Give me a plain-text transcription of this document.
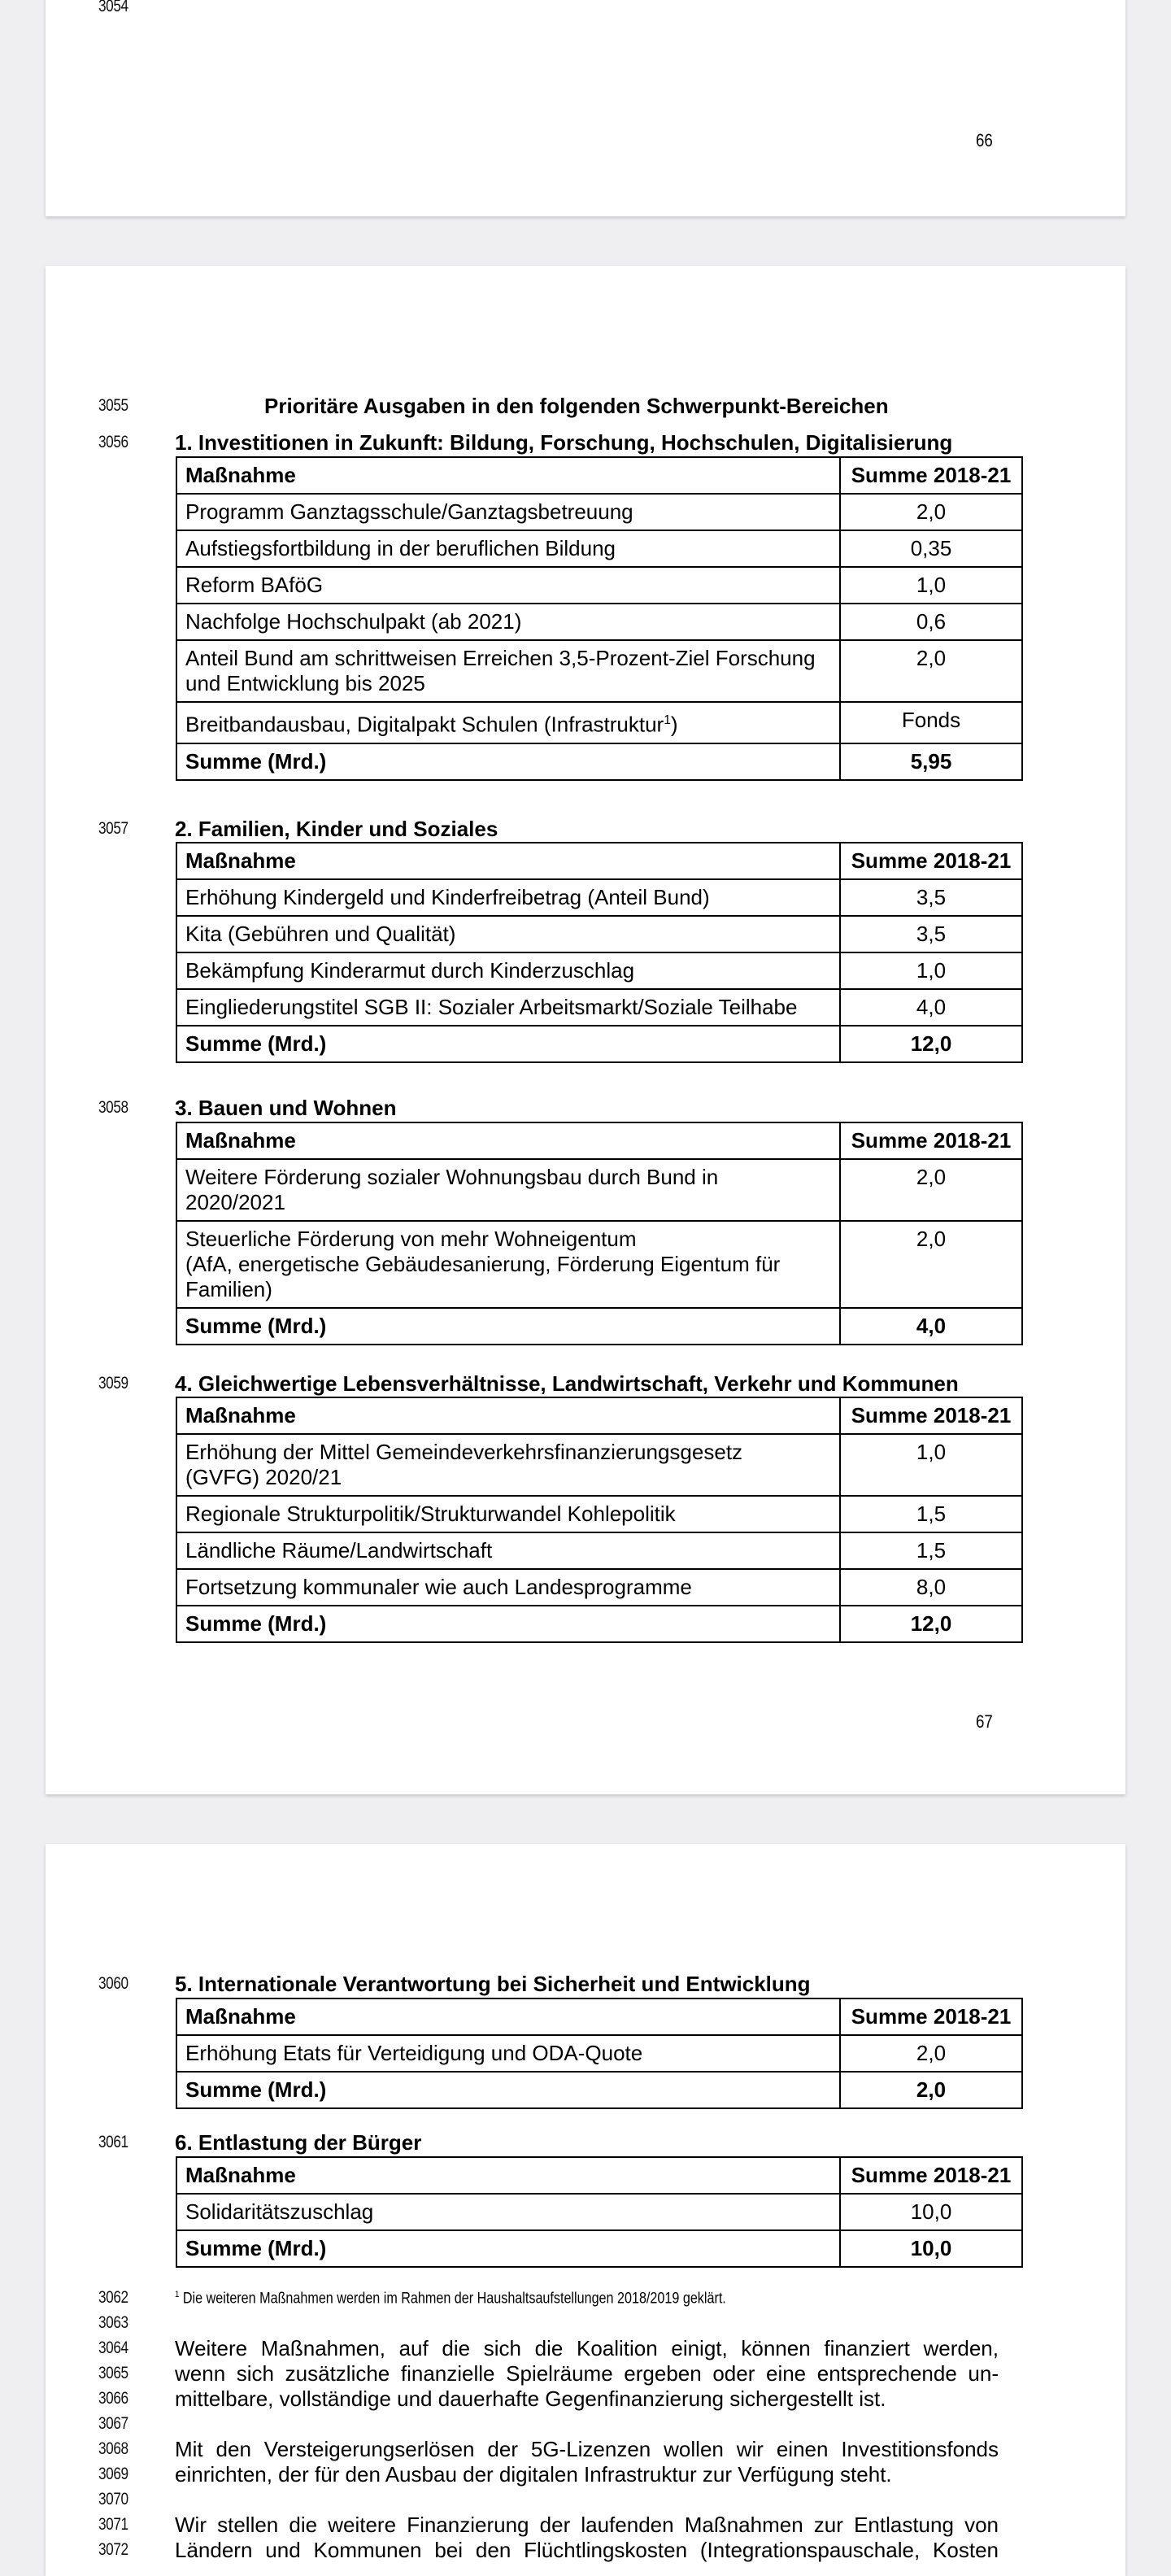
3054
66
3055	Prioritäre Ausgaben in den folgenden Schwerpunkt-Bereichen
3056 1. Investitionen in Zukunft: Bildung, Forschung, Hochschulen, Digitalisierung
Maßnahme	Summe 2018-21
Programm Ganztagsschule/Ganztagsbetreuung	2,0
Aufstiegsfortbildung in der beruflichen Bildung	0,35
Reform BAföG	1,0
Nachfolge Hochschulpakt (ab 2021)	0,6
Anteil Bund am schrittweisen Erreichen 3,5-Prozent-Ziel Forschung und Entwicklung bis 2025	2,0
Breitbandausbau, Digitalpakt Schulen (Infrastruktur$^1$)	Fonds
Summe (Mrd.)	5,95
3057 2. Familien, Kinder und Soziales
Maßnahme	Summe 2018-21
Erhöhung Kindergeld und Kinderfreibetrag (Anteil Bund)	3,5
Kita (Gebühren und Qualität)	3,5
Bekämpfung Kinderarmut durch Kinderzuschlag	1,0
Eingliederungstitel SGB II: Sozialer Arbeitsmarkt/Soziale Teilhabe	4,0
Summe (Mrd.)	12,0
3058 3. Bauen und Wohnen
Maßnahme	Summe 2018-21
Weitere Förderung sozialer Wohnungsbau durch Bund in 2020/2021	2,0

Steuerliche Förderung von mehr Wohneigentum
(AfA, energetische Gebäudesanierung, Förderung Eigentum für Familien)	2,0
Summe (Mrd.)	4,0
3059 4. Gleichwertige Lebensverhältnisse, Landwirtschaft, Verkehr und Kommunen
Maßnahme	Summe 2018-21
Erhöhung der Mittel Gemeindeverkehrsfinanzierungsgesetz (GVFG) 2020/21	1,0
Regionale Strukturpolitik/Strukturwandel Kohlepolitik	1,5
Ländliche Räume/Landwirtschaft	1,5
Fortsetzung kommunaler wie auch Landesprogramme	8,0
Summe (Mrd.)	12,0
67
3060 5. Internationale Verantwortung bei Sicherheit und Entwicklung
Maßnahme	Summe 2018-21
Erhöhung Etats für Verteidigung und ODA-Quote	2,0
Summe (Mrd.)	2,0
3061 6. Entlastung der Bürger
Maßnahme	Summe 2018-21
Solidaritätszuschlag	10,0
Summe (Mrd.)	10,0
3062	$^1$ Die weiteren Maßnahmen werden im Rahmen der Haushaltsaufstellungen 2018/2019 geklärt.
3063
3064
3065
3066
Weitere Maßnahmen, auf die sich die Koalition einigt, können finanziert werden,
wenn sich zusätzliche finanzielle Spielräume ergeben oder eine entsprechende un-
mittelbare, vollständige und dauerhafte Gegenfinanzierung sichergestellt ist.
3067
3068
3069
Mit den Versteigerungserlösen der 5G-Lizenzen wollen wir einen Investitionsfonds
einrichten, der für den Ausbau der digitalen Infrastruktur zur Verfügung steht.
3070
3071
3072
Wir stellen die weitere Finanzierung der laufenden Maßnahmen zur Entlastung von
Ländern und Kommunen bei den Flüchtlingskosten (Integrationspauschale, Kosten
